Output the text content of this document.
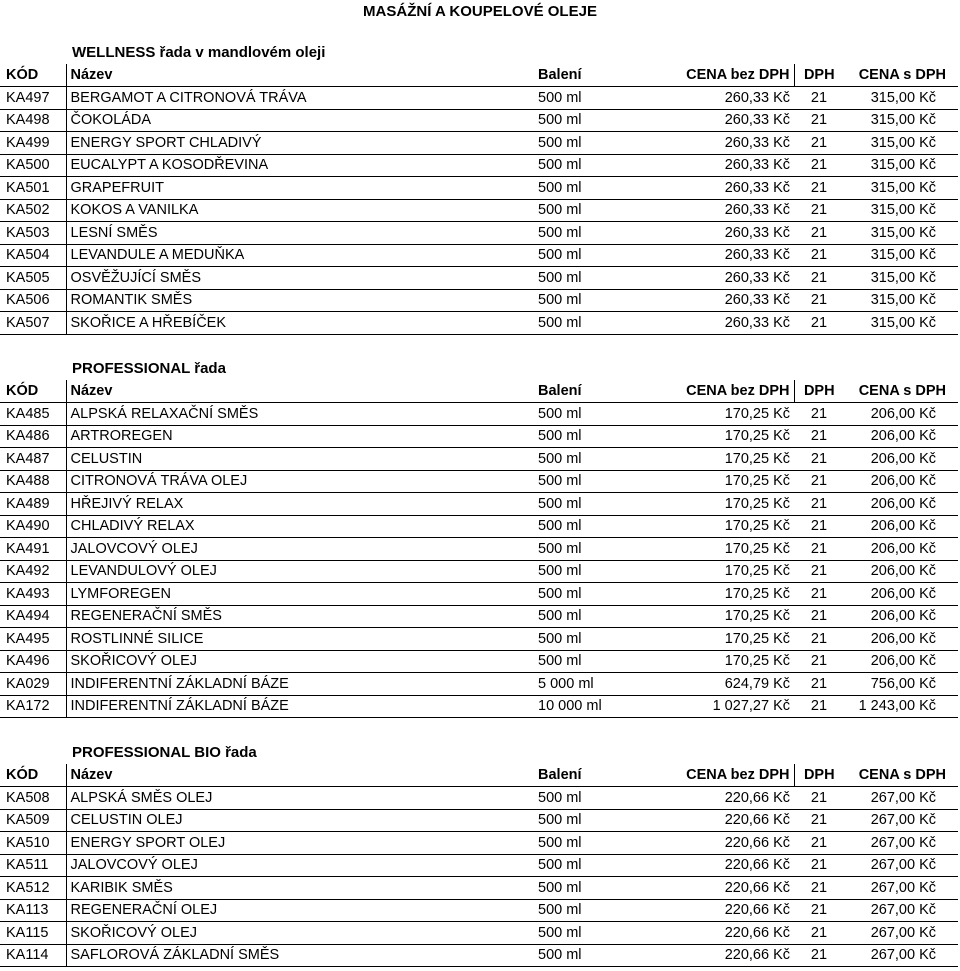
MASÁŽNÍ A KOUPELOVÉ OLEJE
WELLNESS řada v mandlovém oleji
KÓD	Název	Balení	CENA bez DPH	DPH	CENA s DPH
KA497	BERGAMOT A CITRONOVÁ TRÁVA	500 ml	260,33 Kč	21	315,00 Kč
KA498	ČOKOLÁDA	500 ml	260,33 Kč	21	315,00 Kč
KA499	ENERGY SPORT CHLADIVÝ	500 ml	260,33 Kč	21	315,00 Kč
KA500	EUCALYPT A KOSODŘEVINA	500 ml	260,33 Kč	21	315,00 Kč
KA501	GRAPEFRUIT	500 ml	260,33 Kč	21	315,00 Kč
KA502	KOKOS A VANILKA	500 ml	260,33 Kč	21	315,00 Kč
KA503	LESNÍ SMĚS	500 ml	260,33 Kč	21	315,00 Kč
KA504	LEVANDULE A MEDUŇKA	500 ml	260,33 Kč	21	315,00 Kč
KA505	OSVĚŽUJÍCÍ SMĚS	500 ml	260,33 Kč	21	315,00 Kč
KA506	ROMANTIK SMĚS	500 ml	260,33 Kč	21	315,00 Kč
KA507	SKOŘICE A HŘEBÍČEK	500 ml	260,33 Kč	21	315,00 Kč
PROFESSIONAL řada
KÓD	Název	Balení	CENA bez DPH	DPH	CENA s DPH
KA485	ALPSKÁ RELAXAČNÍ SMĚS	500 ml	170,25 Kč	21	206,00 Kč
KA486	ARTROREGEN	500 ml	170,25 Kč	21	206,00 Kč
KA487	CELUSTIN	500 ml	170,25 Kč	21	206,00 Kč
KA488	CITRONOVÁ TRÁVA OLEJ	500 ml	170,25 Kč	21	206,00 Kč
KA489	HŘEJIVÝ RELAX	500 ml	170,25 Kč	21	206,00 Kč
KA490	CHLADIVÝ RELAX	500 ml	170,25 Kč	21	206,00 Kč
KA491	JALOVCOVÝ OLEJ	500 ml	170,25 Kč	21	206,00 Kč
KA492	LEVANDULOVÝ OLEJ	500 ml	170,25 Kč	21	206,00 Kč
KA493	LYMFOREGEN	500 ml	170,25 Kč	21	206,00 Kč
KA494	REGENERAČNÍ SMĚS	500 ml	170,25 Kč	21	206,00 Kč
KA495	ROSTLINNÉ SILICE	500 ml	170,25 Kč	21	206,00 Kč
KA496	SKOŘICOVÝ OLEJ	500 ml	170,25 Kč	21	206,00 Kč
KA029	INDIFERENTNÍ ZÁKLADNÍ BÁZE	5 000 ml	624,79 Kč	21	756,00 Kč
KA172	INDIFERENTNÍ ZÁKLADNÍ BÁZE	10 000 ml	1 027,27 Kč	21	1 243,00 Kč
PROFESSIONAL BIO řada
KÓD	Název	Balení	CENA bez DPH	DPH	CENA s DPH
KA508	ALPSKÁ SMĚS OLEJ	500 ml	220,66 Kč	21	267,00 Kč
KA509	CELUSTIN OLEJ	500 ml	220,66 Kč	21	267,00 Kč
KA510	ENERGY SPORT OLEJ	500 ml	220,66 Kč	21	267,00 Kč
KA511	JALOVCOVÝ OLEJ	500 ml	220,66 Kč	21	267,00 Kč
KA512	KARIBIK SMĚS	500 ml	220,66 Kč	21	267,00 Kč
KA113	REGENERAČNÍ OLEJ	500 ml	220,66 Kč	21	267,00 Kč
KA115	SKOŘICOVÝ OLEJ	500 ml	220,66 Kč	21	267,00 Kč
KA114	SAFLOROVÁ ZÁKLADNÍ SMĚS	500 ml	220,66 Kč	21	267,00 Kč
